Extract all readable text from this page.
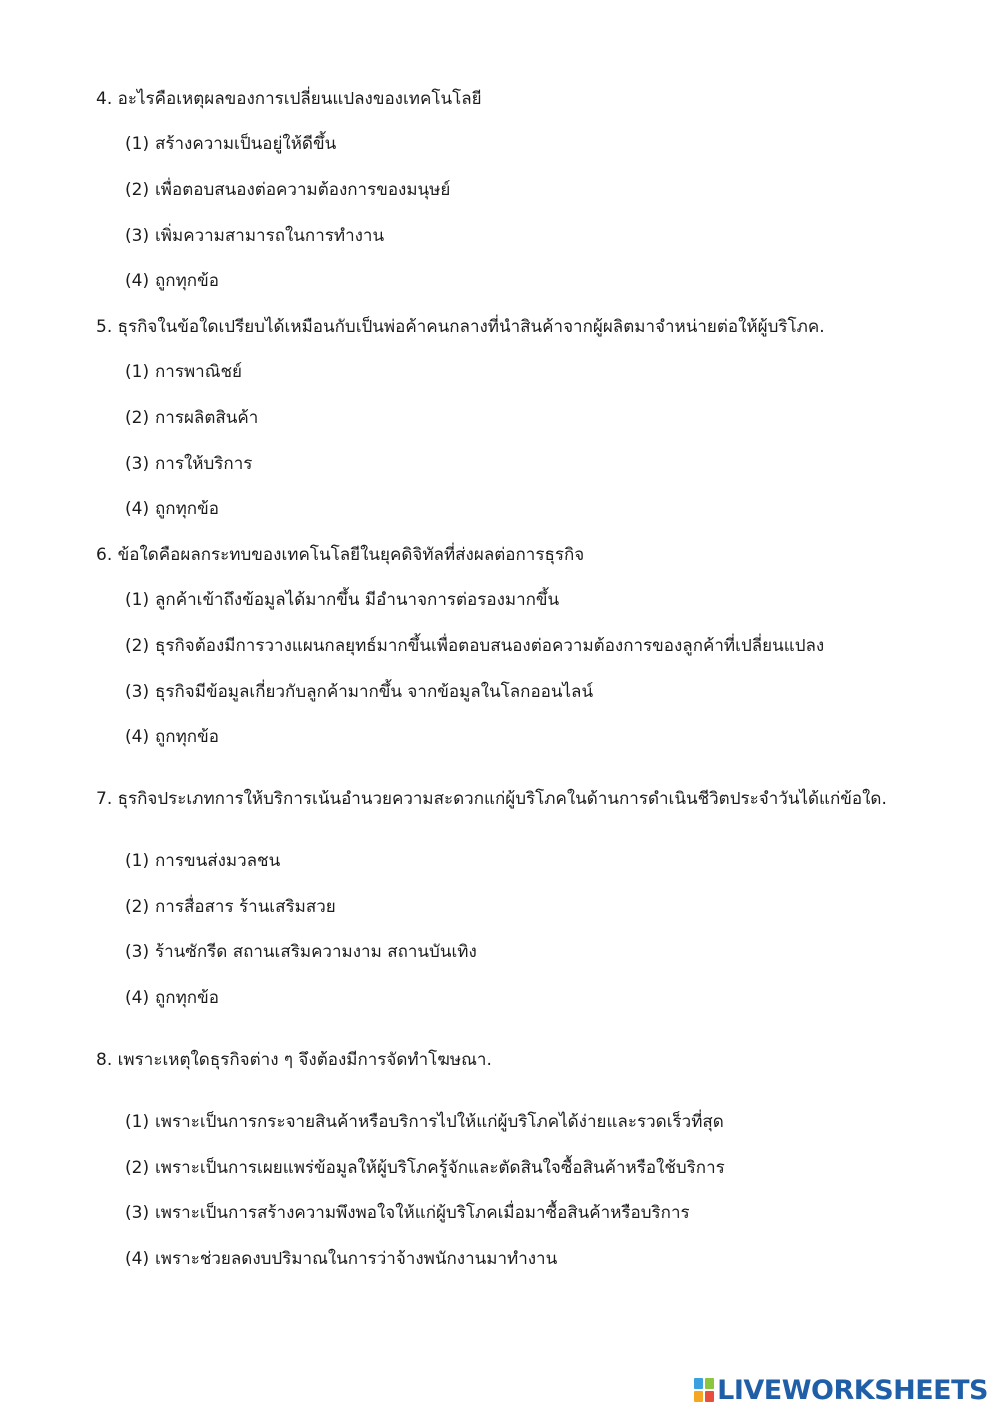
4. อะไรคือเหตุผลของการเปลี่ยนแปลงของเทคโนโลยี
(1) สร้างความเป็นอยู่ให้ดีขึ้น
(2) เพื่อตอบสนองต่อความต้องการของมนุษย์
(3) เพิ่มความสามารถในการทำงาน
(4) ถูกทุกข้อ
5. ธุรกิจในข้อใดเปรียบได้เหมือนกับเป็นพ่อค้าคนกลางที่นำสินค้าจากผู้ผลิตมาจำหน่ายต่อให้ผู้บริโภค.
(1) การพาณิชย์
(2) การผลิตสินค้า
(3) การให้บริการ
(4) ถูกทุกข้อ
6. ข้อใดคือผลกระทบของเทคโนโลยีในยุคดิจิทัลที่ส่งผลต่อการธุรกิจ
(1) ลูกค้าเข้าถึงข้อมูลได้มากขึ้น มีอำนาจการต่อรองมากขึ้น
(2) ธุรกิจต้องมีการวางแผนกลยุทธ์มากขึ้นเพื่อตอบสนองต่อความต้องการของลูกค้าที่เปลี่ยนแปลง
(3) ธุรกิจมีข้อมูลเกี่ยวกับลูกค้ามากขึ้น จากข้อมูลในโลกออนไลน์
(4) ถูกทุกข้อ
7. ธุรกิจประเภทการให้บริการเน้นอำนวยความสะดวกแก่ผู้บริโภคในด้านการดำเนินชีวิตประจำวันได้แก่ข้อใด.
(1) การขนส่งมวลชน
(2) การสื่อสาร ร้านเสริมสวย
(3) ร้านซักรีด สถานเสริมความงาม สถานบันเทิง
(4) ถูกทุกข้อ
8. เพราะเหตุใดธุรกิจต่าง ๆ จึงต้องมีการจัดทำโฆษณา.
(1) เพราะเป็นการกระจายสินค้าหรือบริการไปให้แก่ผู้บริโภคได้ง่ายและรวดเร็วที่สุด
(2) เพราะเป็นการเผยแพร่ข้อมูลให้ผู้บริโภครู้จักและตัดสินใจซื้อสินค้าหรือใช้บริการ
(3) เพราะเป็นการสร้างความพึงพอใจให้แก่ผู้บริโภคเมื่อมาซื้อสินค้าหรือบริการ
(4) เพราะช่วยลดงบปริมาณในการว่าจ้างพนักงานมาทำงาน
LIVEWORKSHEETS
